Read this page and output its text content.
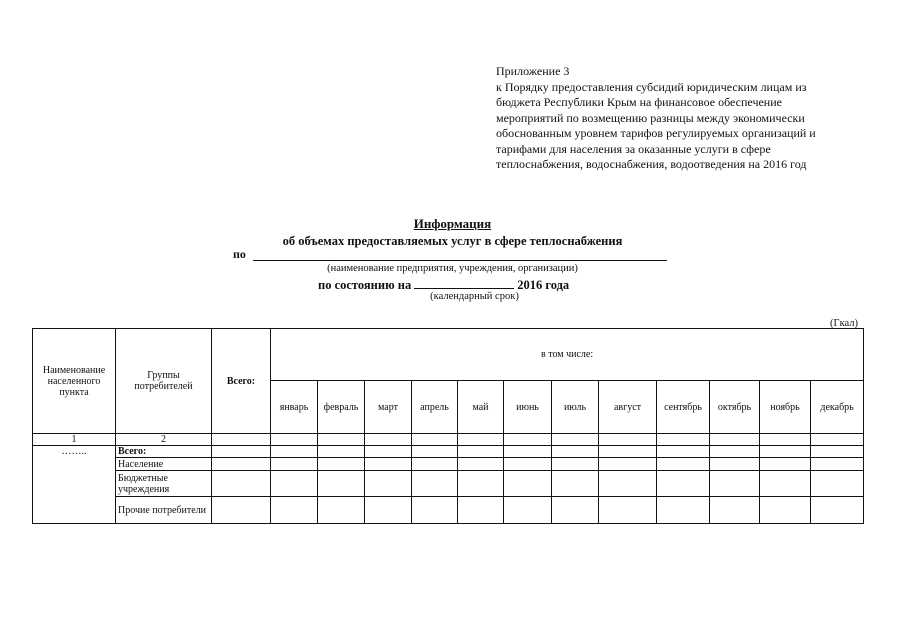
Приложение 3
к Порядку предоставления субсидий юридическим лицам из
бюджета Республики Крым на финансовое обеспечение
мероприятий по возмещению разницы между экономически
обоснованным уровнем тарифов регулируемых организаций и
тарифами для населения за оказанные услуги в сфере
теплоснабжения, водоснабжения, водоотведения на 2016 год
Информация
об объемах предоставляемых услуг в сфере теплоснабжения
по
(наименование предприятия, учреждения, организации)
по состоянию на	2016 года
(календарный срок)
(Гкал)
Наименование населенного пункта	Группы потребителей	Всего:	в том числе:											
			январь	февраль	март	апрель	май	июнь	июль	август	сентябрь	октябрь	ноябрь	декабрь
1	2													
……..	Всего:													
	Население													
	Бюджетные учреждения													
	Прочие потребители													
